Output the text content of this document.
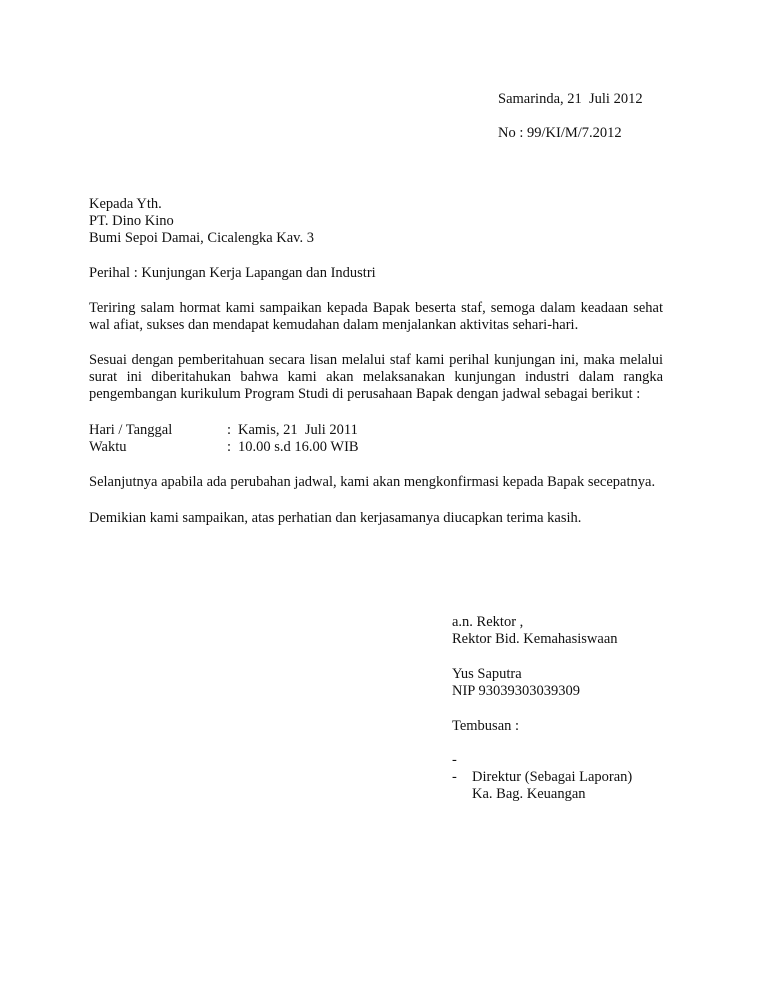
Samarinda, 21  Juli 2012
No : 99/KI/M/7.2012
Kepada Yth.
PT. Dino Kino
Bumi Sepoi Damai, Cicalengka Kav. 3
Perihal : Kunjungan Kerja Lapangan dan Industri
Teriring salam hormat kami sampaikan kepada Bapak beserta staf, semoga dalam keadaan sehat
wal afiat, sukses dan mendapat kemudahan dalam menjalankan aktivitas sehari-hari.
Sesuai dengan pemberitahuan secara lisan melalui staf kami perihal kunjungan ini, maka melalui
surat ini diberitahukan bahwa kami akan melaksanakan kunjungan industri dalam rangka
pengembangan kurikulum Program Studi di perusahaan Bapak dengan jadwal sebagai berikut :
Hari / Tanggal	: Kamis, 21  Juli 2011
Waktu	: 10.00 s.d 16.00 WIB
Selanjutnya apabila ada perubahan jadwal, kami akan mengkonfirmasi kepada Bapak secepatnya.
Demikian kami sampaikan, atas perhatian dan kerjasamanya diucapkan terima kasih.
a.n. Rektor ,
Rektor Bid. Kemahasiswaan
Yus Saputra
NIP 93039303039309
Tembusan :

-

Direktur (Sebagai Laporan)

-

Ka. Bag. Keuangan
